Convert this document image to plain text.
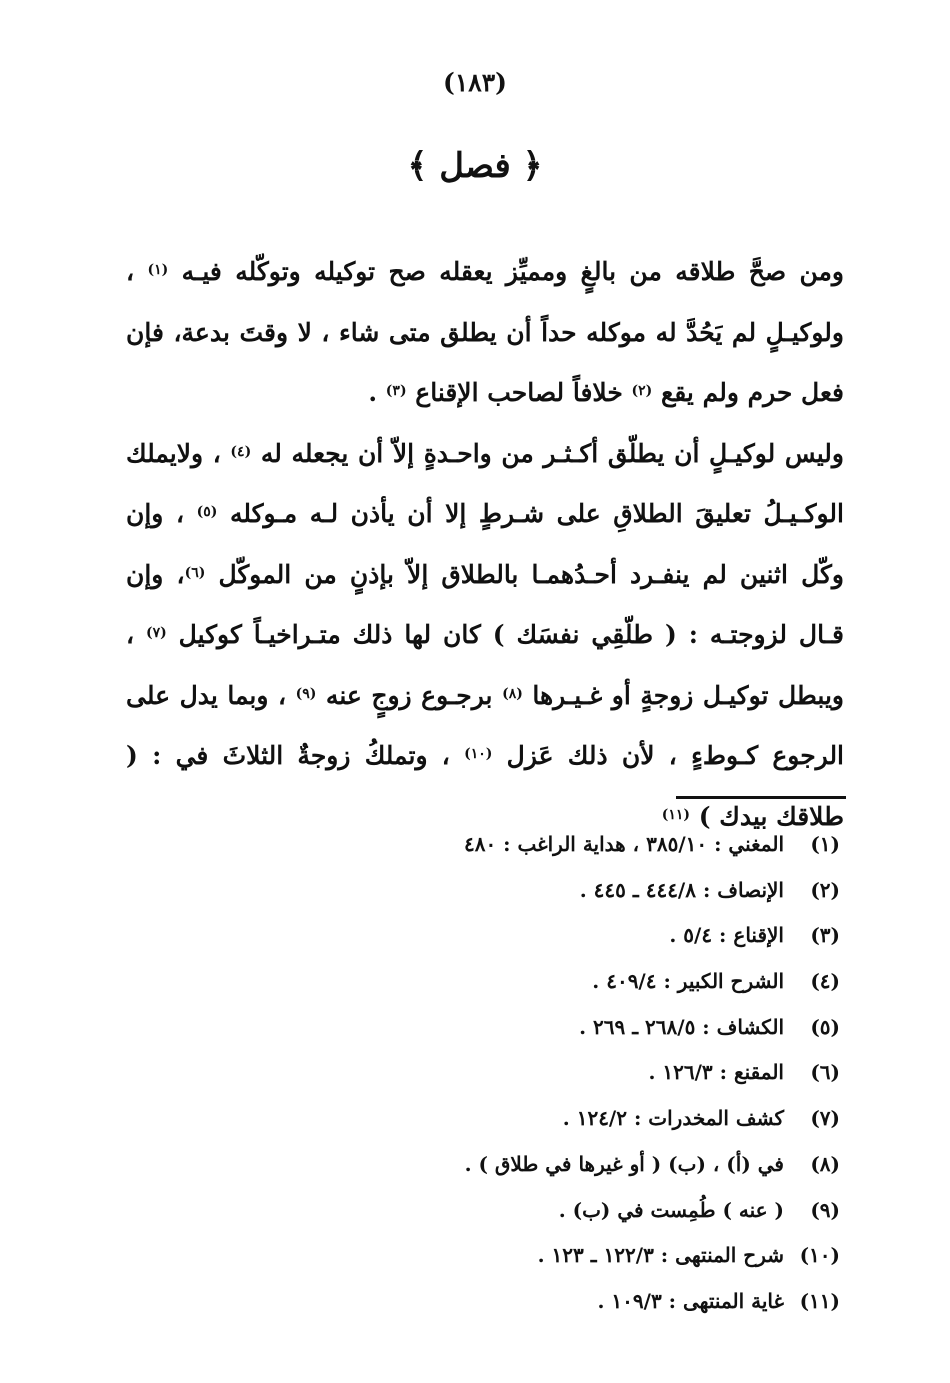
(١٨٣)
﴿ فصل ﴾

ومن صحَّ طلاقه من بالغٍ ومميِّز يعقله صح توكيله وتوكّله فيـه $^{(١)}$ ، ولوكيـلٍ لم يَحُدَّ له موكله حداً أن يطلق متى شاء ، لا وقتَ بدعة، فإن فعل حرم ولم يقع $^{(٢)}$ خلافاً لصاحب الإقناع $^{(٣)}$ .

وليس لوكيـلٍ أن يطلّق أكـثـر من واحـدةٍ إلاّ أن يجعله له $^{(٤)}$ ، ولايملك الوكـيـلُ تعليقَ الطلاقِ على شـرطٍ إلا أن يأذن لـه مـوكله $^{(٥)}$ ، وإن وكّل اثنين لم ينفـرد أحـدُهمـا بالطلاق إلاّ بإذنٍ من الموكّل $^{(٦)}$، وإن قـال لزوجتـه : ( طلّقِي نفسَك ) كان لها ذلك متـراخيـاً كوكيل $^{(٧)}$ ، ويبطل توكيـل زوجةٍ أو غـيـرها $^{(٨)}$ برجـوع زوجٍ عنه $^{(٩)}$ ، وبما يدل على الرجوع كـوطءٍ ، لأن ذلك عَزل $^{(١٠)}$ ، وتملكُ زوجةٌ الثلاثَ في : ( طلاقك بيدك ) $^{(١١)}$

(١)المغني : ٣٨٥/١٠ ، هداية الراغب : ٤٨٠
(٢)الإنصاف : ٤٤٤/٨ ـ ٤٤٥ .
(٣)الإقناع : ٥/٤ .
(٤)الشرح الكبير : ٤٠٩/٤ .
(٥)الكشاف : ٢٦٨/٥ ـ ٢٦٩ .
(٦)المقنع : ١٢٦/٣ .
(٧)كشف المخدرات : ١٢٤/٢ .
(٨)في (أ) ، (ب) ( أو غيرها في طلاق ) .
(٩)( عنه ) طُمِست في (ب) .
(١٠)شرح المنتهى : ١٢٢/٣ ـ ١٢٣ .
(١١)غاية المنتهى : ١٠٩/٣ .
